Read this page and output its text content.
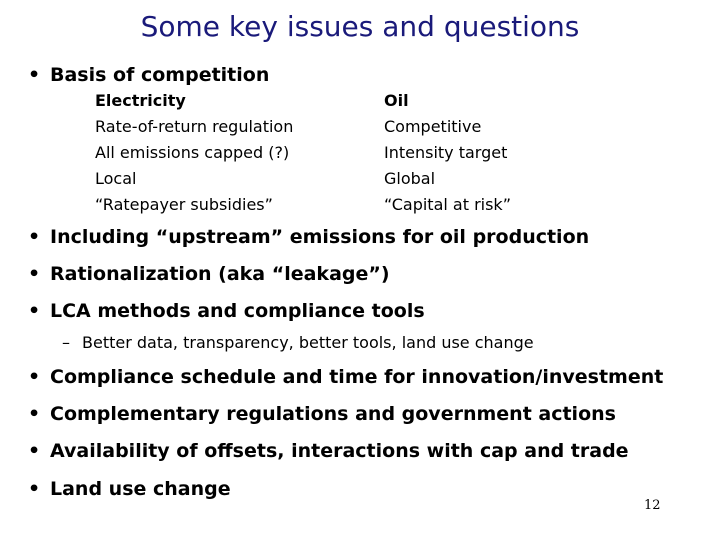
Some key issues and questions
• Basis of competition
Electricity
Rate-of-return regulation
All emissions capped (?)
Local
“Ratepayer subsidies”
Oil
Competitive
Intensity target
Global
“Capital at risk”
• Including “upstream” emissions for oil production
• Rationalization (aka “leakage”)
• LCA methods and compliance tools
– Better data, transparency, better tools, land use change
• Compliance schedule and time for innovation/investment
• Complementary regulations and government actions
• Availability of offsets, interactions with cap and trade
• Land use change
12
